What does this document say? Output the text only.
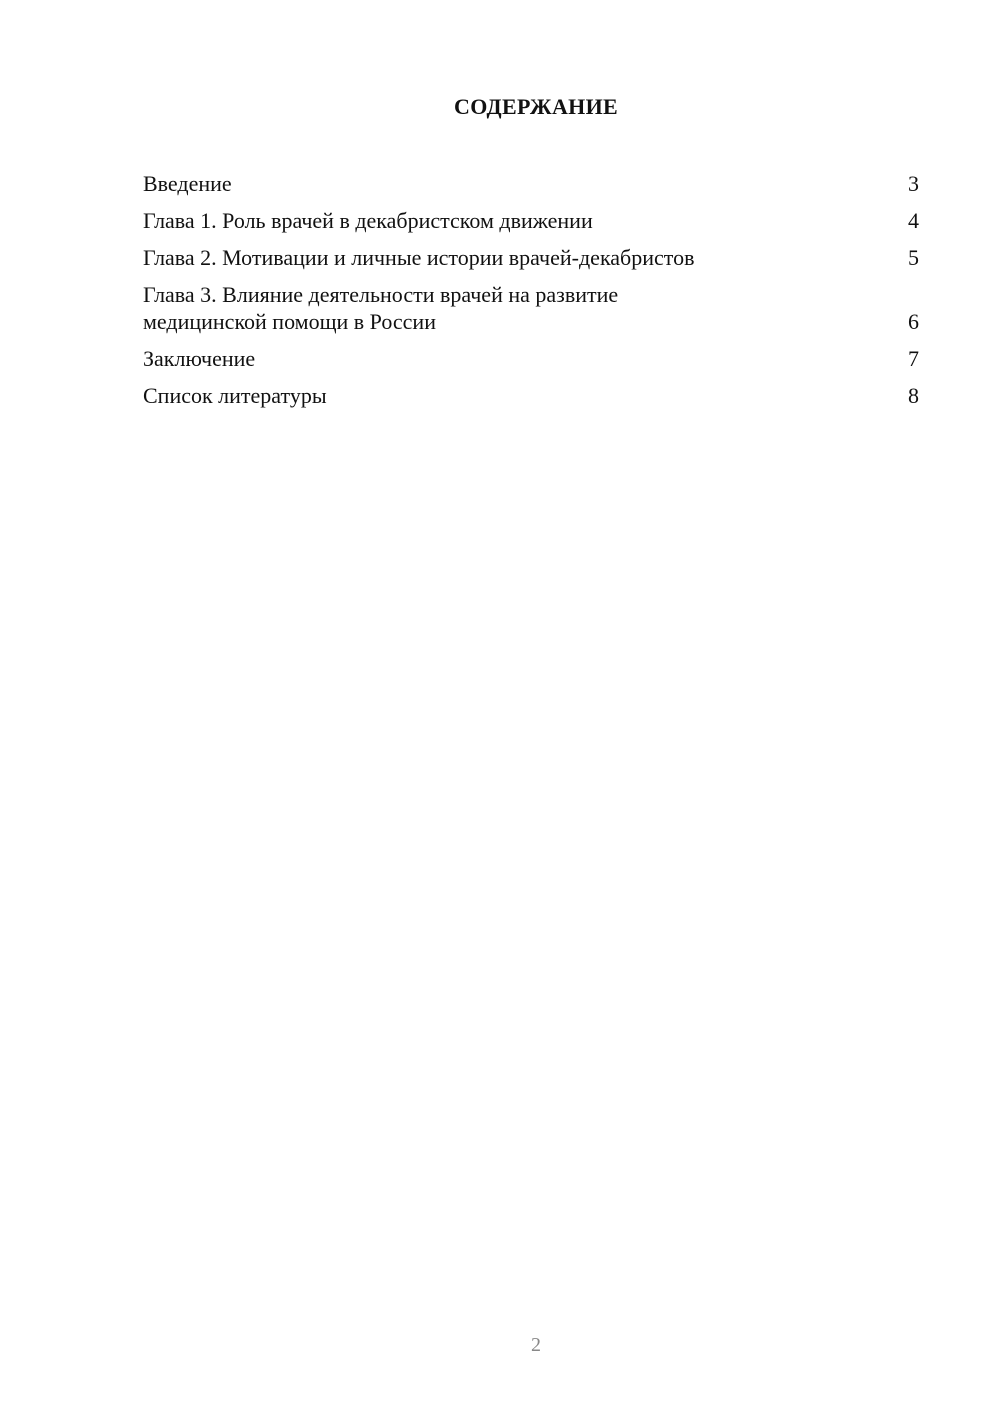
СОДЕРЖАНИЕ
Введение	3
Глава 1. Роль врачей в декабристском движении	4
Глава 2. Мотивации и личные истории врачей-декабристов	5
Глава 3. Влияние деятельности врачей на развитие
медицинской помощи в России	6
Заключение	7
Список литературы	8
2
